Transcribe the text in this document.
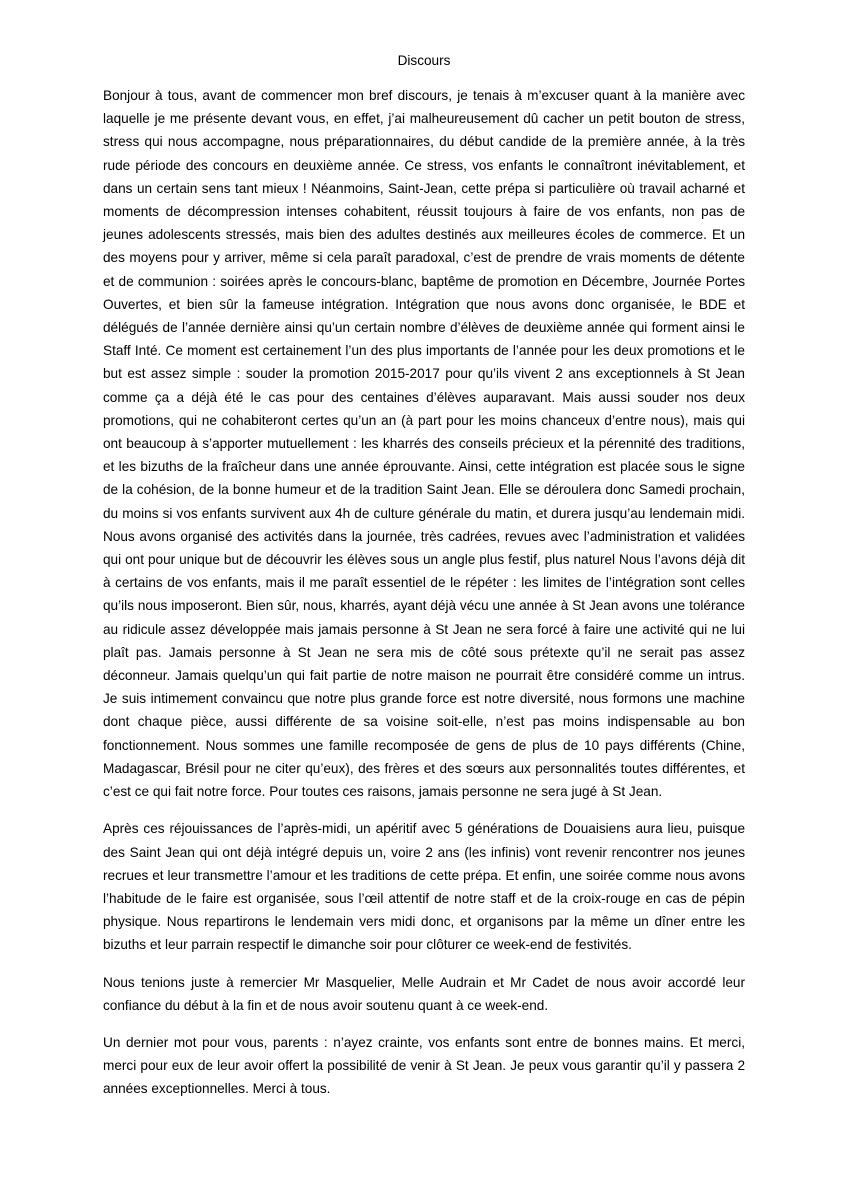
Discours

Bonjour à tous, avant de commencer mon bref discours, je tenais à m’excuser quant à la manière avec laquelle je me présente devant vous, en effet, j’ai malheureusement dû cacher un petit bouton de stress, stress qui nous accompagne, nous préparationnaires, du début candide de la première année, à la très rude période des concours en deuxième année. Ce stress, vos enfants le connaîtront inévitablement, et dans un certain sens tant mieux ! Néanmoins, Saint-Jean, cette prépa si particulière où travail acharné et moments de décompression intenses cohabitent, réussit toujours à faire de vos enfants, non pas de jeunes adolescents stressés, mais bien des adultes destinés aux meilleures écoles de commerce. Et un des moyens pour y arriver, même si cela paraît paradoxal, c’est de prendre de vrais moments de détente et de communion : soirées après le concours-blanc, baptême de promotion en Décembre, Journée Portes Ouvertes, et bien sûr la fameuse intégration. Intégration que nous avons donc organisée, le BDE et délégués de l’année dernière ainsi qu’un certain nombre d’élèves de deuxième année qui forment ainsi le Staff Inté. Ce moment est certainement l’un des plus importants de l’année pour les deux promotions et le but est assez simple : souder la promotion 2015-2017 pour qu’ils vivent 2 ans exceptionnels à St Jean comme ça a déjà été le cas pour des centaines d’élèves auparavant. Mais aussi souder nos deux promotions, qui ne cohabiteront certes qu’un an (à part pour les moins chanceux d’entre nous), mais qui ont beaucoup à s’apporter mutuellement : les kharrés des conseils précieux et la pérennité des traditions, et les bizuths de la fraîcheur dans une année éprouvante. Ainsi, cette intégration est placée sous le signe de la cohésion, de la bonne humeur et de la tradition Saint Jean. Elle se déroulera donc Samedi prochain, du moins si vos enfants survivent aux 4h de culture générale du matin, et durera jusqu’au lendemain midi. Nous avons organisé des activités dans la journée, très cadrées, revues avec l’administration et validées qui ont pour unique but de découvrir les élèves sous un angle plus festif, plus naturel Nous l’avons déjà dit à certains de vos enfants, mais il me paraît essentiel de le répéter : les limites de l’intégration sont celles qu’ils nous imposeront. Bien sûr, nous, kharrés, ayant déjà vécu une année à St Jean avons une tolérance au ridicule assez développée mais jamais personne à St Jean ne sera forcé à faire une activité qui ne lui plaît pas. Jamais personne à St Jean ne sera mis de côté sous prétexte qu’il ne serait pas assez déconneur. Jamais quelqu’un qui fait partie de notre maison ne pourrait être considéré comme un intrus. Je suis intimement convaincu que notre plus grande force est notre diversité, nous formons une machine dont chaque pièce, aussi différente de sa voisine soit-elle, n’est pas moins indispensable au bon fonctionnement. Nous sommes une famille recomposée de gens de plus de 10 pays différents (Chine, Madagascar, Brésil pour ne citer qu’eux), des frères et des sœurs aux personnalités toutes différentes, et c’est ce qui fait notre force. Pour toutes ces raisons, jamais personne ne sera jugé à St Jean.

Après ces réjouissances de l’après-midi, un apéritif avec 5 générations de Douaisiens aura lieu, puisque des Saint Jean qui ont déjà intégré depuis un, voire 2 ans (les infinis) vont revenir rencontrer nos jeunes recrues et leur transmettre l’amour et les traditions de cette prépa. Et enfin, une soirée comme nous avons l’habitude de le faire est organisée, sous l’œil attentif de notre staff et de la croix-rouge en cas de pépin physique. Nous repartirons le lendemain vers midi donc, et organisons par la même un dîner entre les bizuths et leur parrain respectif le dimanche soir pour clôturer ce week-end de festivités.

Nous tenions juste à remercier Mr Masquelier, Melle Audrain et Mr Cadet de nous avoir accordé leur confiance du début à la fin et de nous avoir soutenu quant à ce week-end.

Un dernier mot pour vous, parents : n’ayez crainte, vos enfants sont entre de bonnes mains. Et merci, merci pour eux de leur avoir offert la possibilité de venir à St Jean. Je peux vous garantir qu’il y passera 2 années exceptionnelles. Merci à tous.
